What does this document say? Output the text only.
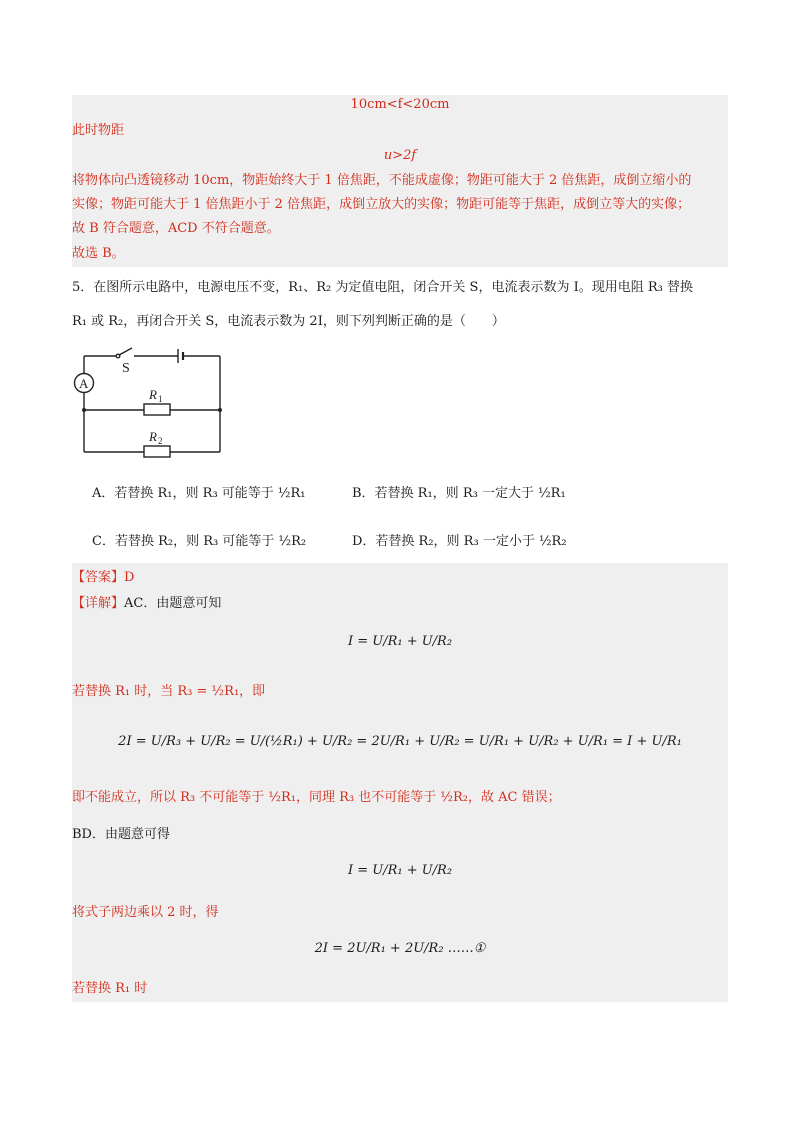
10cm<f<20cm
此时物距
u>2f
将物体向凸透镜移动 10cm，物距始终大于 1 倍焦距，不能成虚像；物距可能大于 2 倍焦距，成倒立缩小的
实像；物距可能大于 1 倍焦距小于 2 倍焦距，成倒立放大的实像；物距可能等于焦距，成倒立等大的实像；
故 B 符合题意，ACD 不符合题意。
故选 B。
5．在图所示电路中，电源电压不变，R₁、R₂ 为定值电阻，闭合开关 S，电流表示数为 I。现用电阻 R₃ 替换
R₁ 或 R₂，再闭合开关 S，电流表示数为 2I，则下列判断正确的是（　　）
A
S
R 1
R 2
A．若替换 R₁，则 R₃ 可能等于 ½R₁	B．若替换 R₁，则 R₃ 一定大于 ½R₁
C．若替换 R₂，则 R₃ 可能等于 ½R₂	D．若替换 R₂，则 R₃ 一定小于 ½R₂
【答案】D
【详解】AC．由题意可知
I = U/R₁ + U/R₂
若替换 R₁ 时，当 R₃ = ½R₁，即
2I = U/R₃ + U/R₂ = U/(½R₁) + U/R₂ = 2U/R₁ + U/R₂ = U/R₁ + U/R₂ + U/R₁ = I + U/R₁
即不能成立，所以 R₃ 不可能等于 ½R₁，同理 R₃ 也不可能等于 ½R₂，故 AC 错误；
BD．由题意可得
I = U/R₁ + U/R₂
将式子两边乘以 2 时，得
2I = 2U/R₁ + 2U/R₂ ……①
若替换 R₁ 时
